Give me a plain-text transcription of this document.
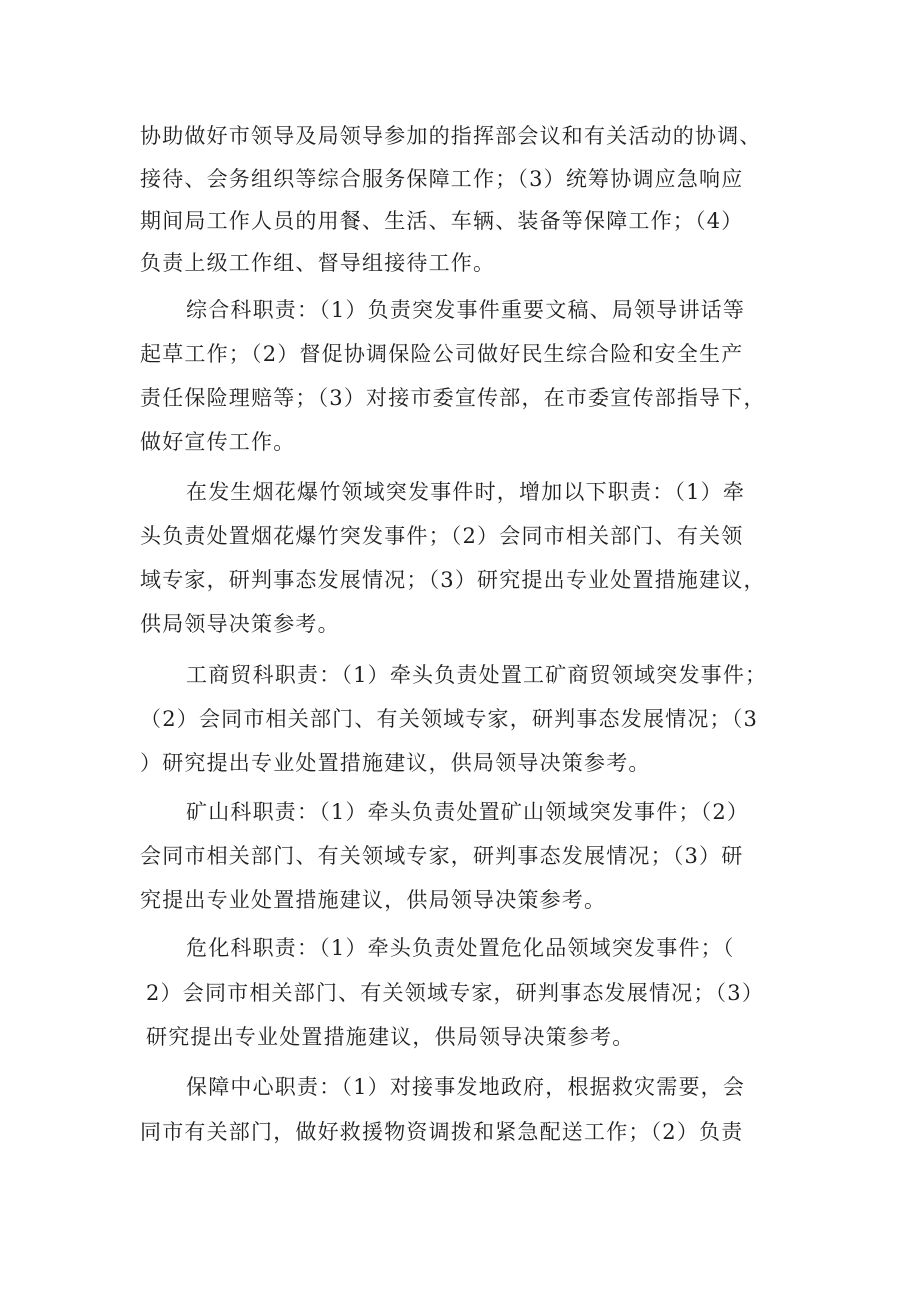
协助做好市领导及局领导参加的指挥部会议和有关活动的协调、
接待、会务组织等综合服务保障工作；（3）统筹协调应急响应
期间局工作人员的用餐、生活、车辆、装备等保障工作；（4）
负责上级工作组、督导组接待工作。
综合科职责：（1）负责突发事件重要文稿、局领导讲话等
起草工作；（2）督促协调保险公司做好民生综合险和安全生产
责任保险理赔等；（3）对接市委宣传部，在市委宣传部指导下，
做好宣传工作。
在发生烟花爆竹领域突发事件时，增加以下职责：（1）牵
头负责处置烟花爆竹突发事件；（2）会同市相关部门、有关领
域专家，研判事态发展情况；（3）研究提出专业处置措施建议，
供局领导决策参考。
工商贸科职责：（1）牵头负责处置工矿商贸领域突发事件；
（2）会同市相关部门、有关领域专家，研判事态发展情况；（3
）研究提出专业处置措施建议，供局领导决策参考。
矿山科职责：（1）牵头负责处置矿山领域突发事件；（2）
会同市相关部门、有关领域专家，研判事态发展情况；（3）研
究提出专业处置措施建议，供局领导决策参考。
危化科职责：（1）牵头负责处置危化品领域突发事件；（
2）会同市相关部门、有关领域专家，研判事态发展情况；（3）
研究提出专业处置措施建议，供局领导决策参考。
保障中心职责：（1）对接事发地政府，根据救灾需要，会
同市有关部门，做好救援物资调拨和紧急配送工作；（2）负责
